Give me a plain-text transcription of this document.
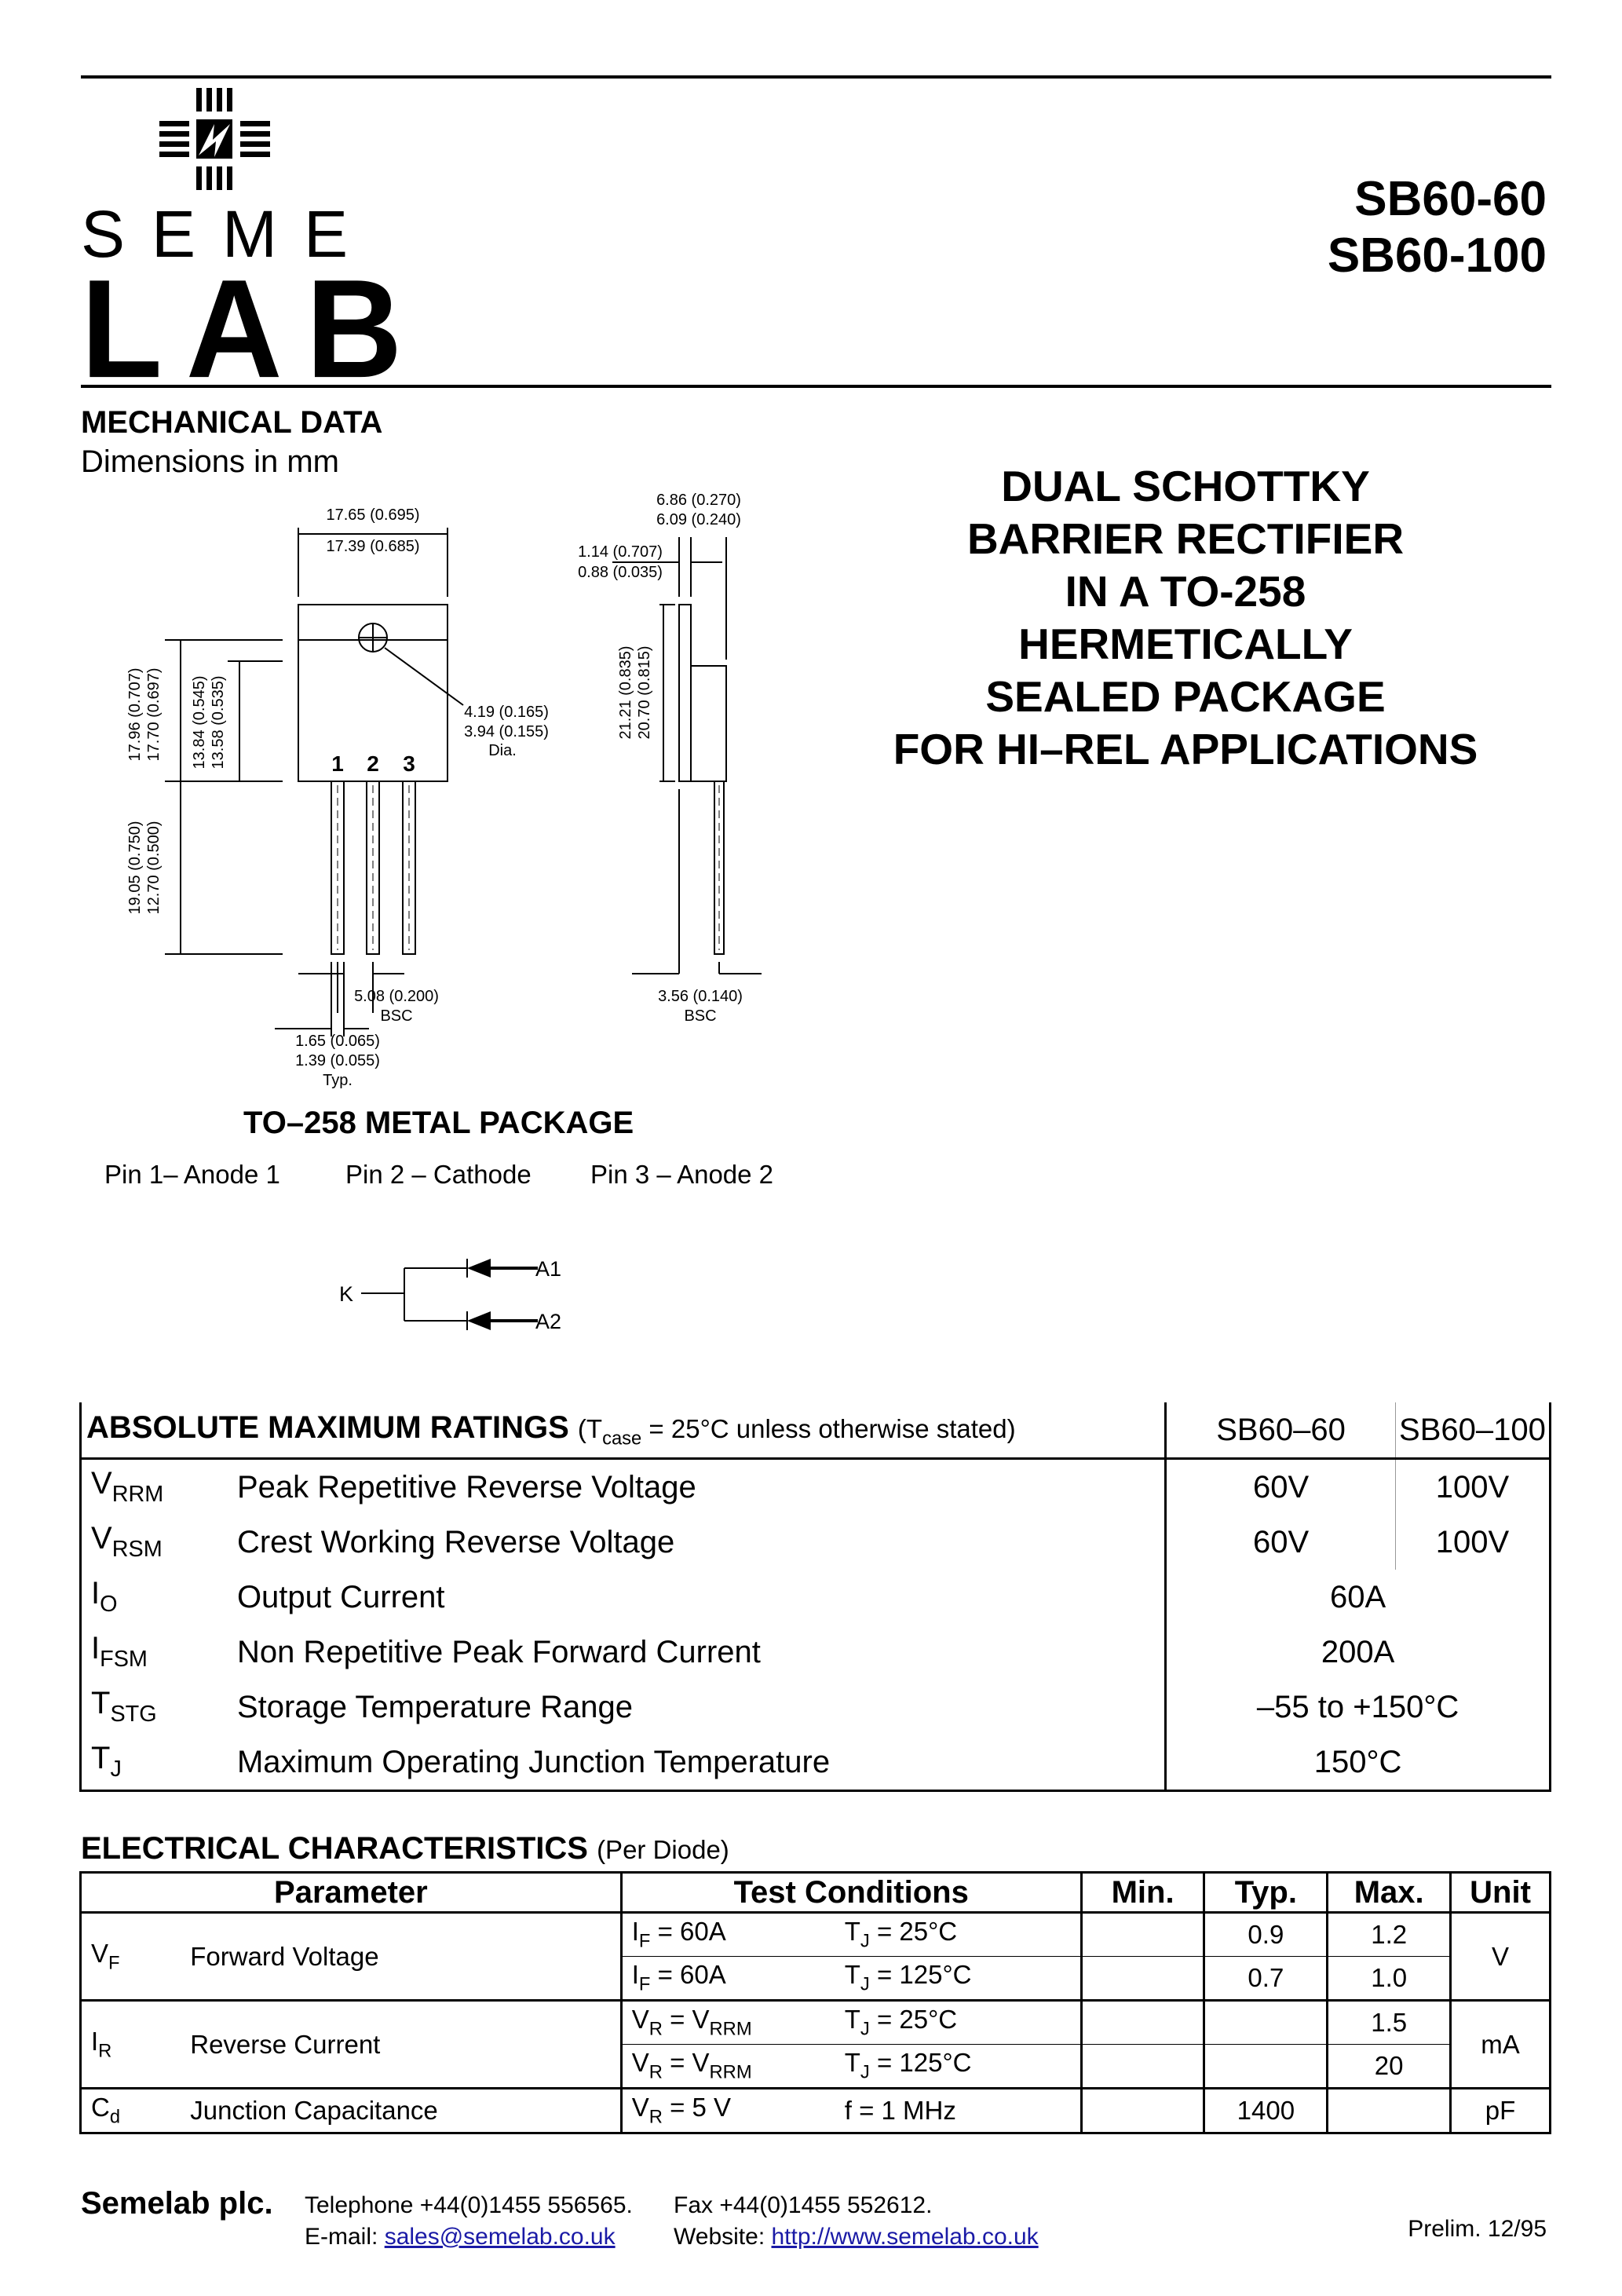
SEME
LAB
SB60-60
SB60-100
MECHANICAL DATA
Dimensions in mm	DUAL SCHOTTKY
BARRIER RECTIFIER
IN A TO-258
HERMETICALLY
SEALED PACKAGE
FOR HI–REL APPLICATIONS
17.65 (0.695)
17.39 (0.685)
17.96 (0.707) 17.70 (0.697) 13.84 (0.545) 13.58 (0.535)
19.05 (0.750) 12.70 (0.500)
4.19 (0.165)
3.94 (0.155)
Dia.
5.08 (0.200)
BSC
1.65 (0.065)
1.39 (0.055)
Typ.
6.86 (0.270)
6.09 (0.240)
1.14 (0.707)
0.88 (0.035)
21.21 (0.835) 20.70 (0.815)
3.56 (0.140)
BSC
1 2 3
TO–258 METAL PACKAGE
Pin 1– Anode 1	Pin 2 – Cathode Pin 3 – Anode 2
K
A1
A2
ABSOLUTE MAXIMUM RATINGS ($T_{case} = 25^\circ C$ unless otherwise stated)		SB60–60	SB60–100
$V_{RRM}$	Peak Repetitive Reverse Voltage	60V	100V
$V_{RSM}$	Crest Working Reverse Voltage	60V	100V
$I_O$	Output Current	60A	
$I_{FSM}$	Non Repetitive Peak Forward Current	200A	
$T_{STG}$	Storage Temperature Range	–55 to +150°C	
$T_J$	Maximum Operating Junction Temperature	150°C	
ELECTRICAL CHARACTERISTICS (Per Diode)
Parameter		Test Conditions		Min.	Typ.	Max.	Unit
$V_F$	Forward Voltage	$I_F = 60A$	$T_J = 25^\circ C$		0.9	1.2	V
		$I_F = 60A$	$T_J = 125^\circ C$		0.7	1.0	
$I_R$	Reverse Current	$V_R = V_{RRM}$	$T_J = 25^\circ C$			1.5	mA
		$V_R = V_{RRM}$	$T_J = 125^\circ C$			20	
$C_d$	Junction Capacitance	$V_R = 5$ V	f = 1 MHz		1400		pF
Semelab plc. Telephone +44(0)1455 556565. Fax +44(0)1455 552612.
E-mail: sales@semelab.co.uk Website: http://www.semelab.co.uk	Prelim. 12/95
